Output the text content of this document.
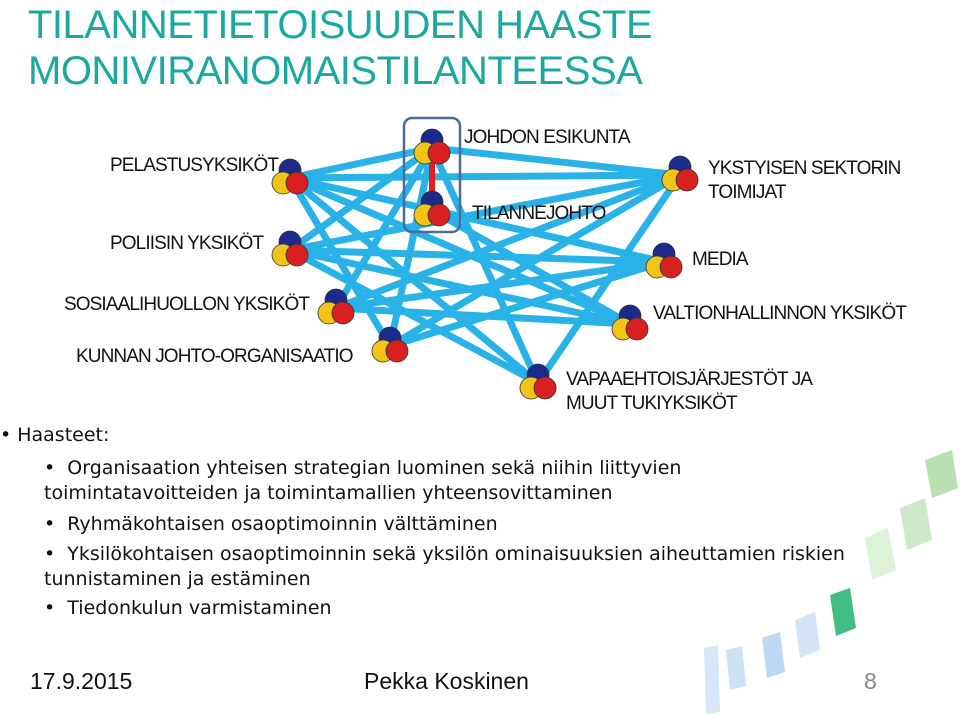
TILANNETIETOISUUDEN HAASTE
MONIVIRANOMAISTILANTEESSA
PELASTUSYKSIKÖT
POLIISIN YKSIKÖT
SOSIAALIHUOLLON YKSIKÖT
KUNNAN JOHTO-ORGANISAATIO
JOHDON ESIKUNTA
TILANNEJOHTO
YKSTYISEN SEKTORIN TOIMIJAT
MEDIA
VALTIONHALLINNON YKSIKÖT
VAPAAEHTOISJÄRJESTÖT JA MUUT TUKIYKSIKÖT
• Haasteet:
• Organisaation yhteisen strategian luominen sekä niihin liittyvien toimintatavoitteiden ja toimintamallien yhteensovittaminen
• Ryhmäkohtaisen osaoptimoinnin välttäminen
• Yksilökohtaisen osaoptimoinnin sekä yksilön ominaisuuksien aiheuttamien riskien tunnistaminen ja estäminen
• Tiedonkulun varmistaminen
17.9.2015	Pekka Koskinen	8
